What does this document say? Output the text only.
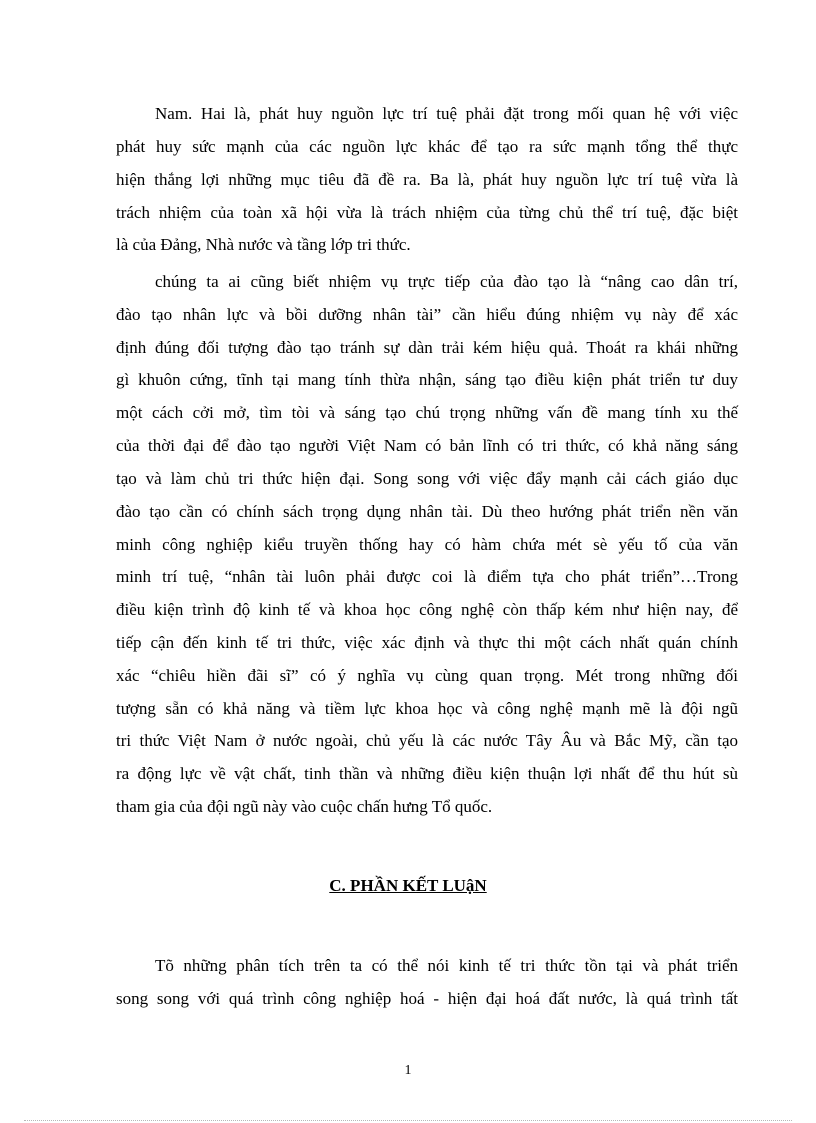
Nam. Hai là, phát huy nguồn lực trí tuệ phải đặt trong mối quan hệ với việc
phát huy sức mạnh của các nguồn lực khác để tạo ra sức mạnh tổng thể thực
hiện thắng lợi những mục tiêu đã đề ra. Ba là, phát huy nguồn lực trí tuệ vừa là
trách nhiệm của toàn xã hội vừa là trách nhiệm của từng chủ thể trí tuệ, đặc biệt
là của Đảng, Nhà nước và tầng lớp tri thức.
chúng ta ai cũng biết nhiệm vụ trực tiếp của đào tạo là “nâng cao dân trí,
đào tạo nhân lực và bồi dưỡng nhân tài” cần hiểu đúng nhiệm vụ này để xác
định đúng đối tượng đào tạo tránh sự dàn trải kém hiệu quả. Thoát ra khái những
gì khuôn cứng, tĩnh tại mang tính thừa nhận, sáng tạo điều kiện phát triển tư duy
một cách cởi mở, tìm tòi và sáng tạo chú trọng những vấn đề mang tính xu thế
của thời đại để đào tạo người Việt Nam có bản lĩnh có tri thức, có khả năng sáng
tạo và làm chủ tri thức hiện đại. Song song với việc đẩy mạnh cải cách giáo dục
đào tạo cần có chính sách trọng dụng nhân tài. Dù theo hướng phát triển nền văn
minh công nghiệp kiểu truyền thống hay có hàm chứa mét sè yếu tố của văn
minh trí tuệ, “nhân tài luôn phải được coi là điểm tựa cho phát triển”…Trong
điều kiện trình độ kinh tế và khoa học công nghệ còn thấp kém như hiện nay, để
tiếp cận đến kinh tế tri thức, việc xác định và thực thi một cách nhất quán chính
xác “chiêu hiền đãi sĩ” có ý nghĩa vụ cùng quan trọng. Mét trong những đối
tượng sẵn có khả năng và tiềm lực khoa học và công nghệ mạnh mẽ là đội ngũ
tri thức Việt Nam ở nước ngoài, chủ yếu là các nước Tây Âu và Bắc Mỹ, cần tạo
ra động lực về vật chất, tinh thần và những điều kiện thuận lợi nhất để thu hút sù
tham gia của đội ngũ này vào cuộc chấn hưng Tổ quốc.
C. PHẦN KẾT LUậN
Tõ những phân tích trên ta có thể nói kinh tế tri thức tồn tại và phát triển
song song với quá trình công nghiệp hoá - hiện đại hoá đất nước, là quá trình tất
1
